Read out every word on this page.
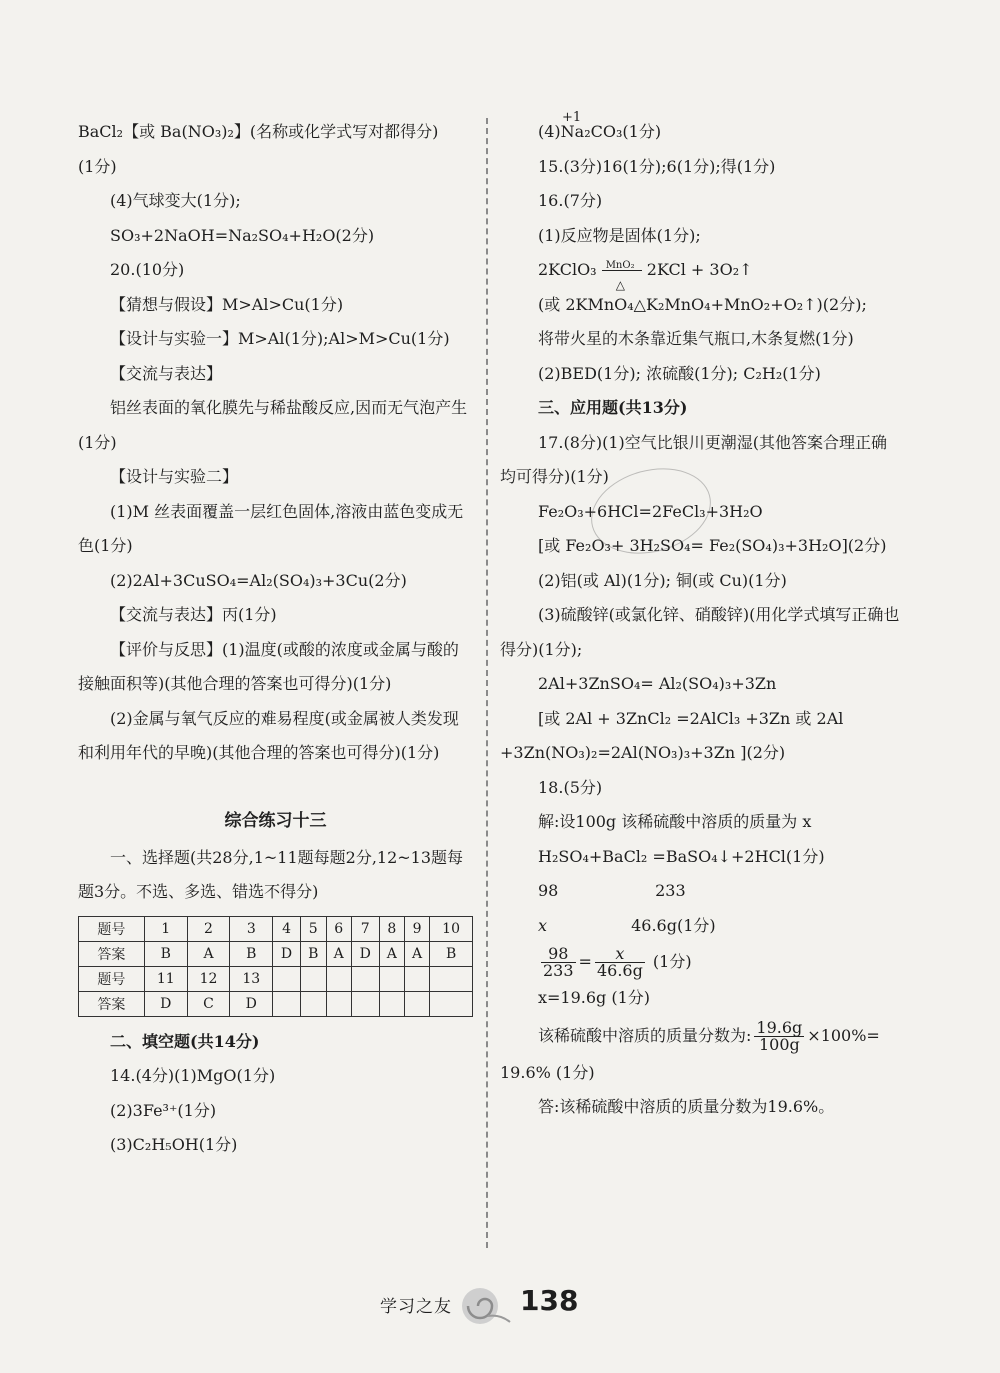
BaCl₂【或 Ba(NO₃)₂】(名称或化学式写对都得分)
(1分)
(4)气球变大(1分);
SO₃+2NaOH=Na₂SO₄+H₂O(2分)
20.(10分)
【猜想与假设】M>Al>Cu(1分)
【设计与实验一】M>Al(1分);Al>M>Cu(1分)
【交流与表达】
铝丝表面的氧化膜先与稀盐酸反应,因而无气泡产生(1分)
【设计与实验二】
(1)M 丝表面覆盖一层红色固体,溶液由蓝色变成无色(1分)
(2)2Al+3CuSO₄=Al₂(SO₄)₃+3Cu(2分)
【交流与表达】丙(1分)
【评价与反思】(1)温度(或酸的浓度或金属与酸的接触面积等)(其他合理的答案也可得分)(1分)
(2)金属与氧气反应的难易程度(或金属被人类发现和利用年代的早晚)(其他合理的答案也可得分)(1分)
综合练习十三
一、选择题(共28分,1~11题每题2分,12~13题每题3分。不选、多选、错选不得分)
题号	1	2	3	4	5	6	7	8	9	10
答案	B	A	B	D	B	A	D	A	A	B
题号	11	12	13							
答案	D	C	D							
二、填空题(共14分)
14.(4分)(1)MgO(1分)
(2)3Fe³⁺(1分)
(3)C₂H₅OH(1分)
+1
(4)Na₂CO₃(1分)
15.(3分)16(1分);6(1分);得(1分)
16.(7分)
(1)反应物是固体(1分);
2KClO₃ MnO₂
△
2KCl + 3O₂↑
(或 2KMnO₄△K₂MnO₄+MnO₂+O₂↑)(2分);
将带火星的木条靠近集气瓶口,木条复燃(1分)
(2)BED(1分); 浓硫酸(1分); C₂H₂(1分)
三、应用题(共13分)
17.(8分)(1)空气比银川更潮湿(其他答案合理正确均可得分)(1分)
Fe₂O₃+6HCl=2FeCl₃+3H₂O
[或 Fe₂O₃+ 3H₂SO₄= Fe₂(SO₄)₃+3H₂O](2分)
(2)铝(或 Al)(1分); 铜(或 Cu)(1分)
(3)硫酸锌(或氯化锌、硝酸锌)(用化学式填写正确也得分)(1分);
2Al+3ZnSO₄= Al₂(SO₄)₃+3Zn
[或 2Al + 3ZnCl₂ =2AlCl₃ +3Zn 或 2Al +3Zn(NO₃)₂=2Al(NO₃)₃+3Zn ](2分)
18.(5分)
解:设100g 该稀硫酸中溶质的质量为 x
H₂SO₄+BaCl₂ =BaSO₄↓+2HCl(1分)
98	233
x	46.6g(1分)
$\frac{98}{233} = \frac{x}{46.6g} (1$分)
x=19.6g (1分)
该稀硫酸中溶质的质量分数为: $\frac{19.6g}{100g} \times 100\%=$
19.6% (1分)
答:该稀硫酸中溶质的质量分数为19.6%。
学习之友 138
